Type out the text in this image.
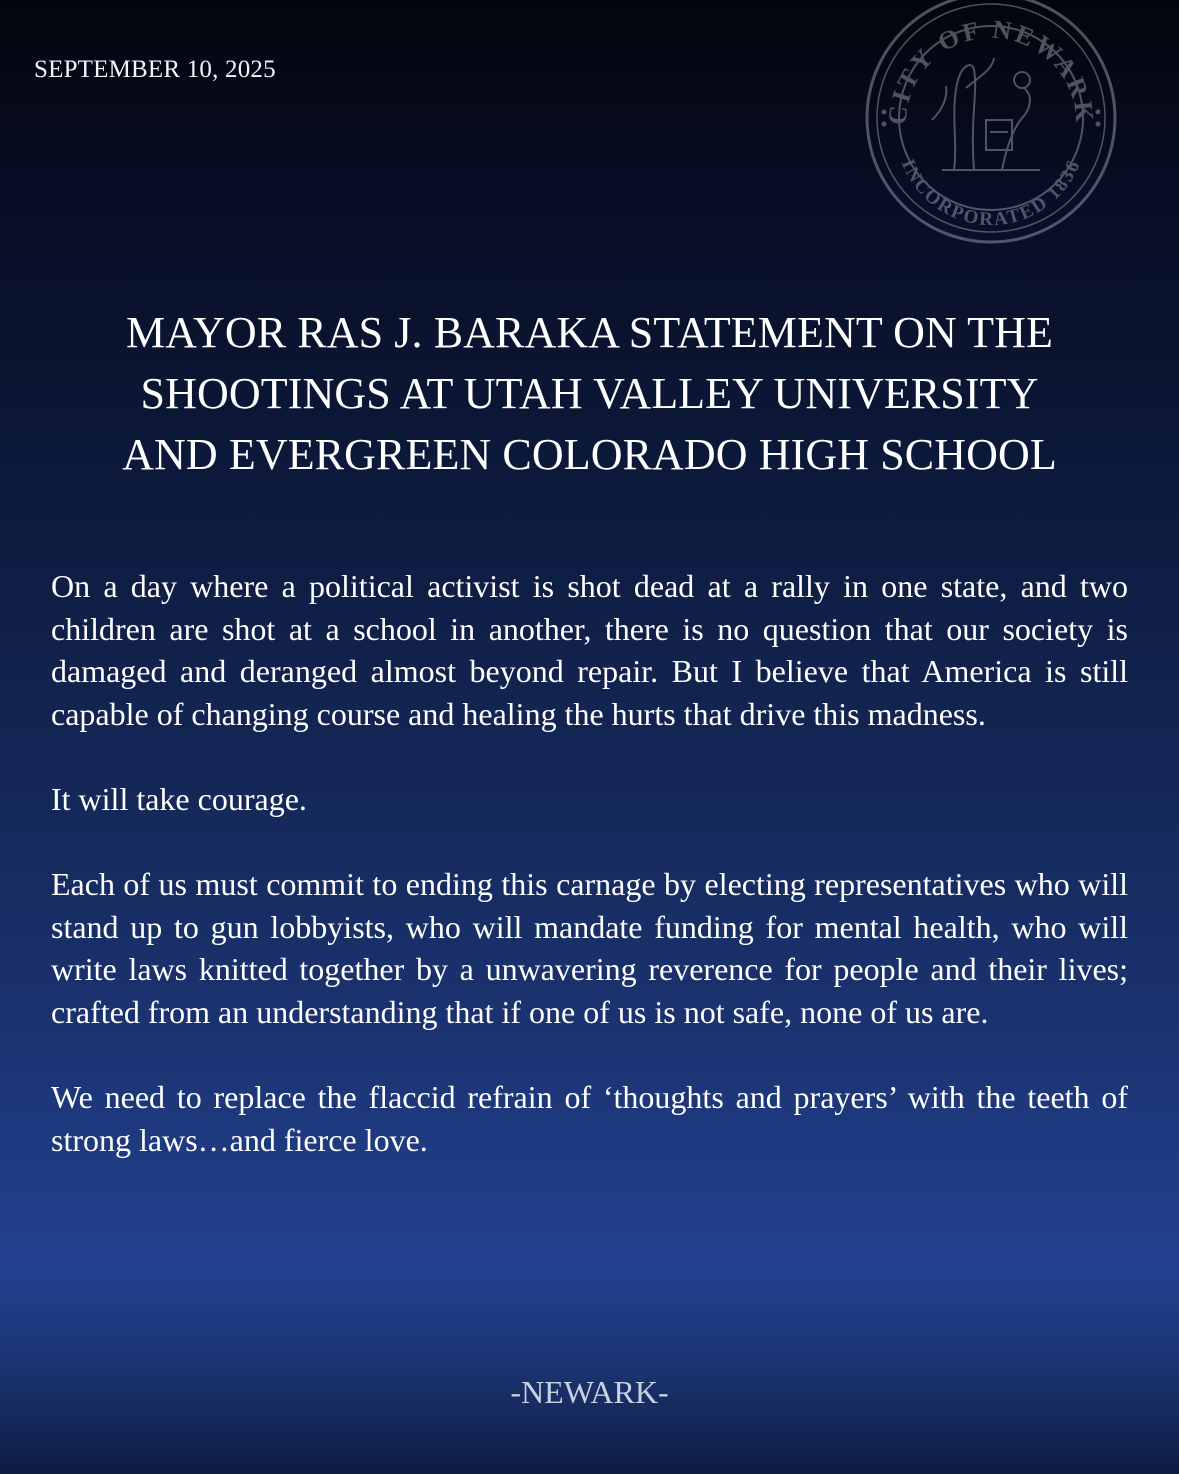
SEPTEMBER 10, 2025
CITY OF NEWARK
INCORPORATED 1836
MAYOR RAS J. BARAKA STATEMENT ON THE
SHOOTINGS AT UTAH VALLEY UNIVERSITY
AND EVERGREEN COLORADO HIGH SCHOOL

On a day where a political activist is shot dead at a rally in one state, and two children are shot at a school in another, there is no question that our society is damaged and deranged almost beyond repair. But I believe that America is still capable of changing course and healing the hurts that drive this madness.

It will take courage.

Each of us must commit to ending this carnage by electing representatives who will stand up to gun lobbyists, who will mandate funding for mental health, who will write laws knitted together by a unwavering reverence for people and their lives; crafted from an understanding that if one of us is not safe, none of us are.

We need to replace the flaccid refrain of ‘thoughts and prayers’ with the teeth of strong laws…and fierce love.

-NEWARK-
